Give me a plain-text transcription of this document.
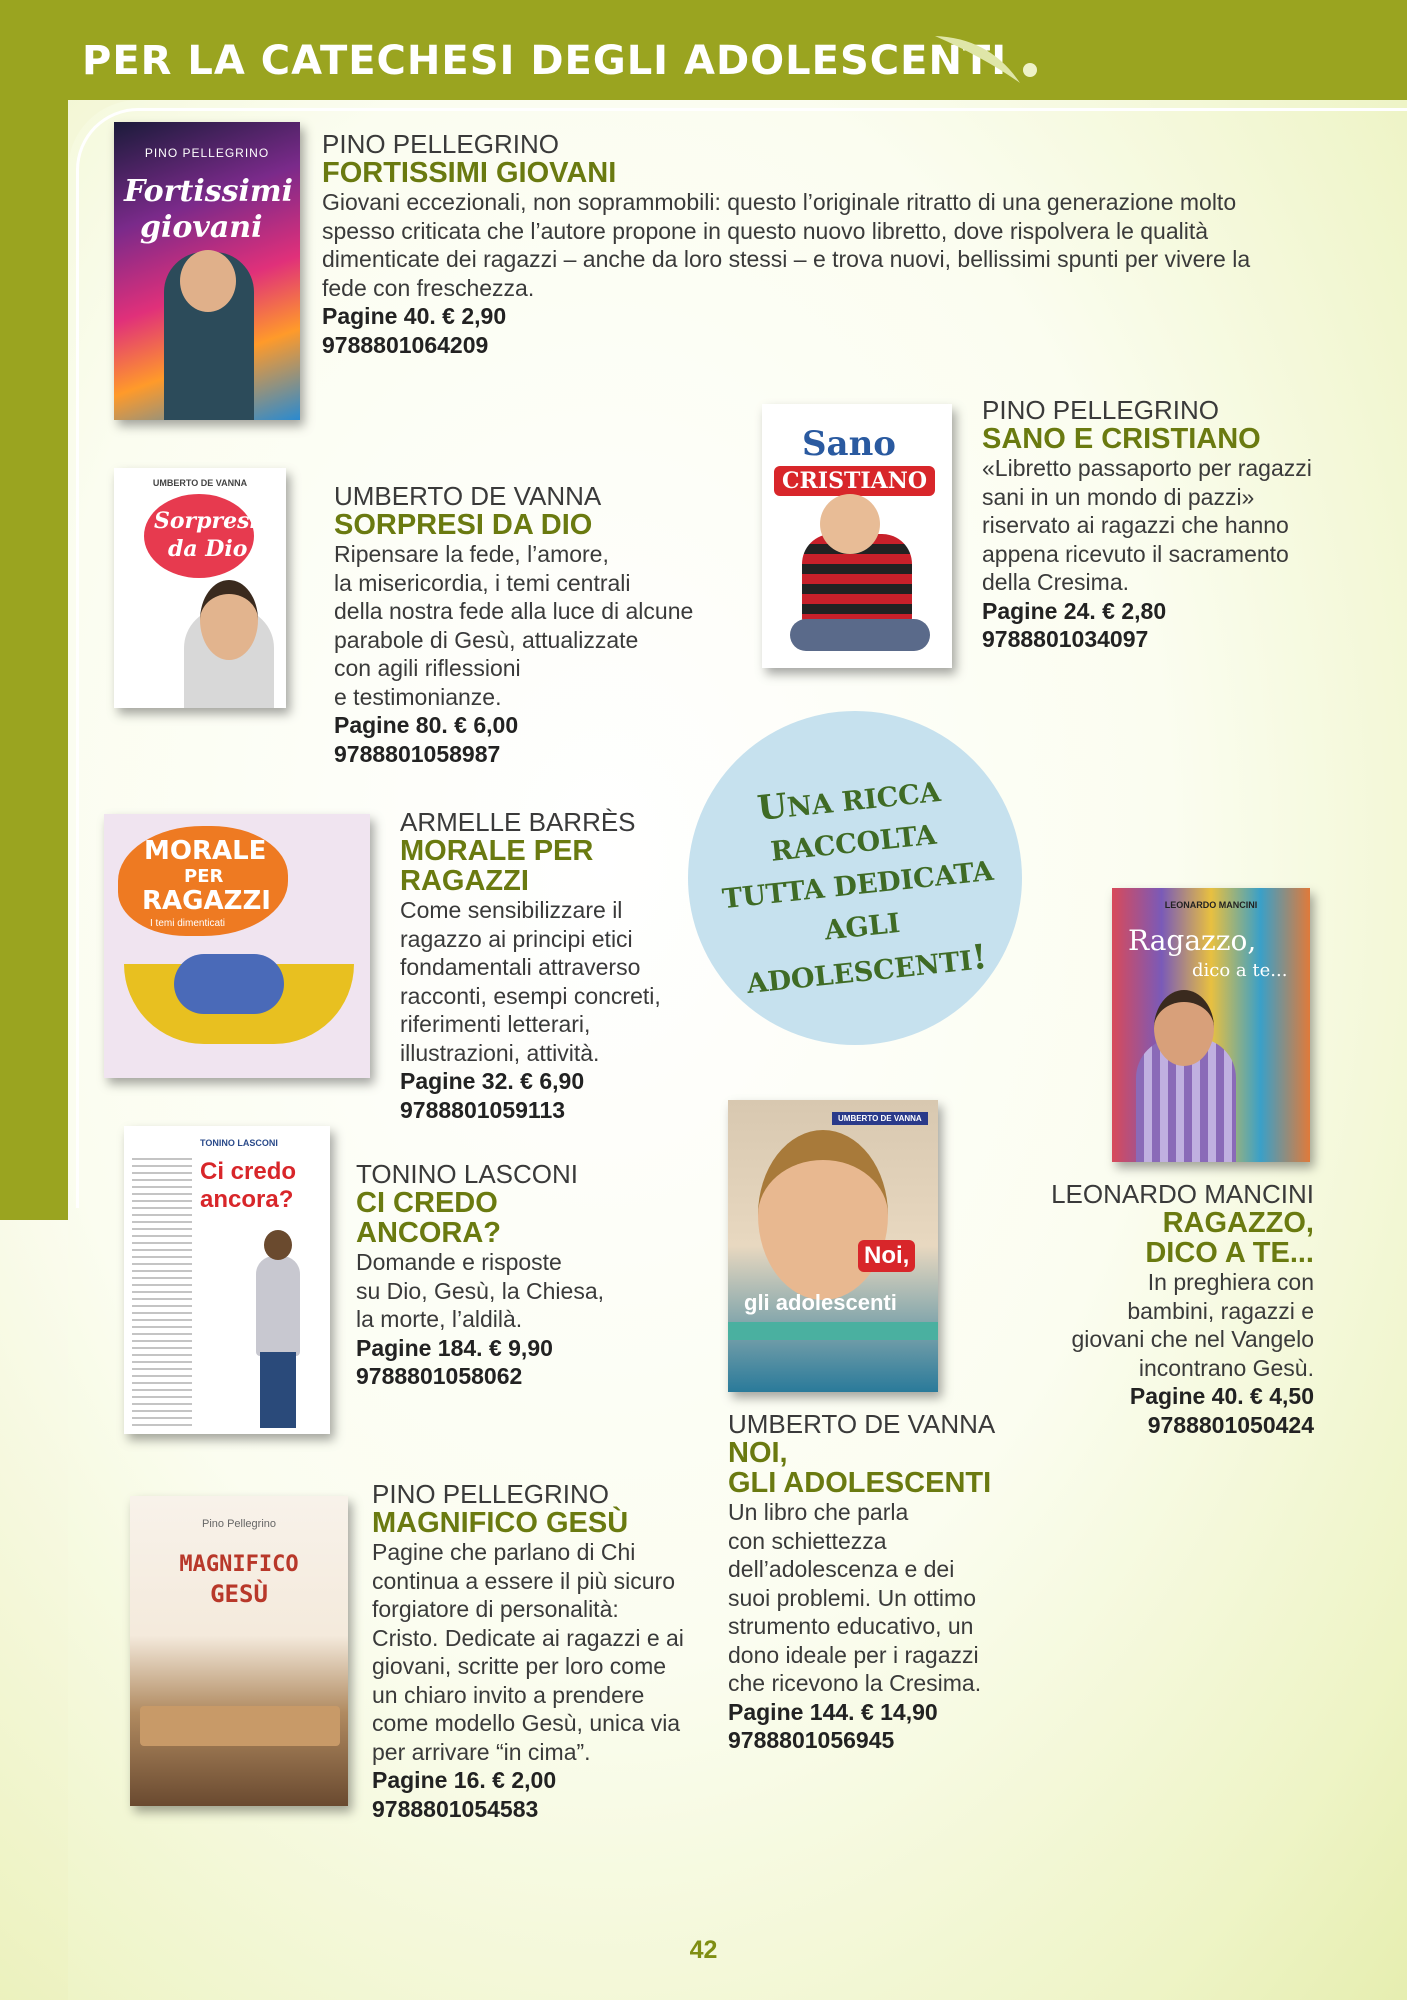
PER LA CATECHESI DEGLI ADOLESCENTI
PINO PELLEGRINO
Fortissimi
giovani
PINO PELLEGRINO
FORTISSIMI GIOVANI
Giovani eccezionali, non soprammobili: questo l’originale ritratto di una generazione molto
spesso criticata che l’autore propone in questo nuovo libretto, dove rispolvera le qualità
dimenticate dei ragazzi – anche da loro stessi – e trova nuovi, bellissimi spunti per vivere la
fede con freschezza.
Pagine 40. € 2,90
9788801064209
Sano
CRISTIANO
PINO PELLEGRINO
SANO E CRISTIANO
«Libretto passaporto per ragazzi
sani in un mondo di pazzi»
riservato ai ragazzi che hanno
appena ricevuto il sacramento
della Cresima.
Pagine 24. € 2,80
9788801034097
UMBERTO DE VANNA
Sorpresi
da Dio
UMBERTO DE VANNA
SORPRESI DA DIO
Ripensare la fede, l’amore,
la misericordia, i temi centrali
della nostra fede alla luce di alcune
parabole di Gesù, attualizzate
con agili riflessioni
e testimonianze.
Pagine 80. € 6,00
9788801058987
UNA RICCA
RACCOLTA
TUTTA DEDICATA
AGLI ADOLESCENTI!
MORALE
PER
RAGAZZI
I temi dimenticati
ARMELLE BARRÈS
MORALE PER
RAGAZZI
Come sensibilizzare il
ragazzo ai principi etici
fondamentali attraverso
racconti, esempi concreti,
riferimenti letterari,
illustrazioni, attività.
Pagine 32. € 6,90
9788801059113
LEONARDO MANCINI
Ragazzo,
dico a te...
LEONARDO MANCINI
RAGAZZO,
DICO A TE...
In preghiera con
bambini, ragazzi e
giovani che nel Vangelo
incontrano Gesù.
Pagine 40. € 4,50
9788801050424
TONINO LASCONI
Ci credo
ancora?
TONINO LASCONI
CI CREDO
ANCORA?
Domande e risposte
su Dio, Gesù, la Chiesa,
la morte, l’aldilà.
Pagine 184. € 9,90
9788801058062
UMBERTO DE VANNA
Noi,
gli adolescenti
UMBERTO DE VANNA
NOI,
GLI ADOLESCENTI
Un libro che parla
con schiettezza
dell’adolescenza e dei
suoi problemi. Un ottimo
strumento educativo, un
dono ideale per i ragazzi
che ricevono la Cresima.
Pagine 144. € 14,90
9788801056945
Pino Pellegrino
MAGNIFICO
GESÙ
PINO PELLEGRINO
MAGNIFICO GESÙ
Pagine che parlano di Chi
continua a essere il più sicuro
forgiatore di personalità:
Cristo. Dedicate ai ragazzi e ai
giovani, scritte per loro come
un chiaro invito a prendere
come modello Gesù, unica via
per arrivare “in cima”.
Pagine 16. € 2,00
9788801054583
42
